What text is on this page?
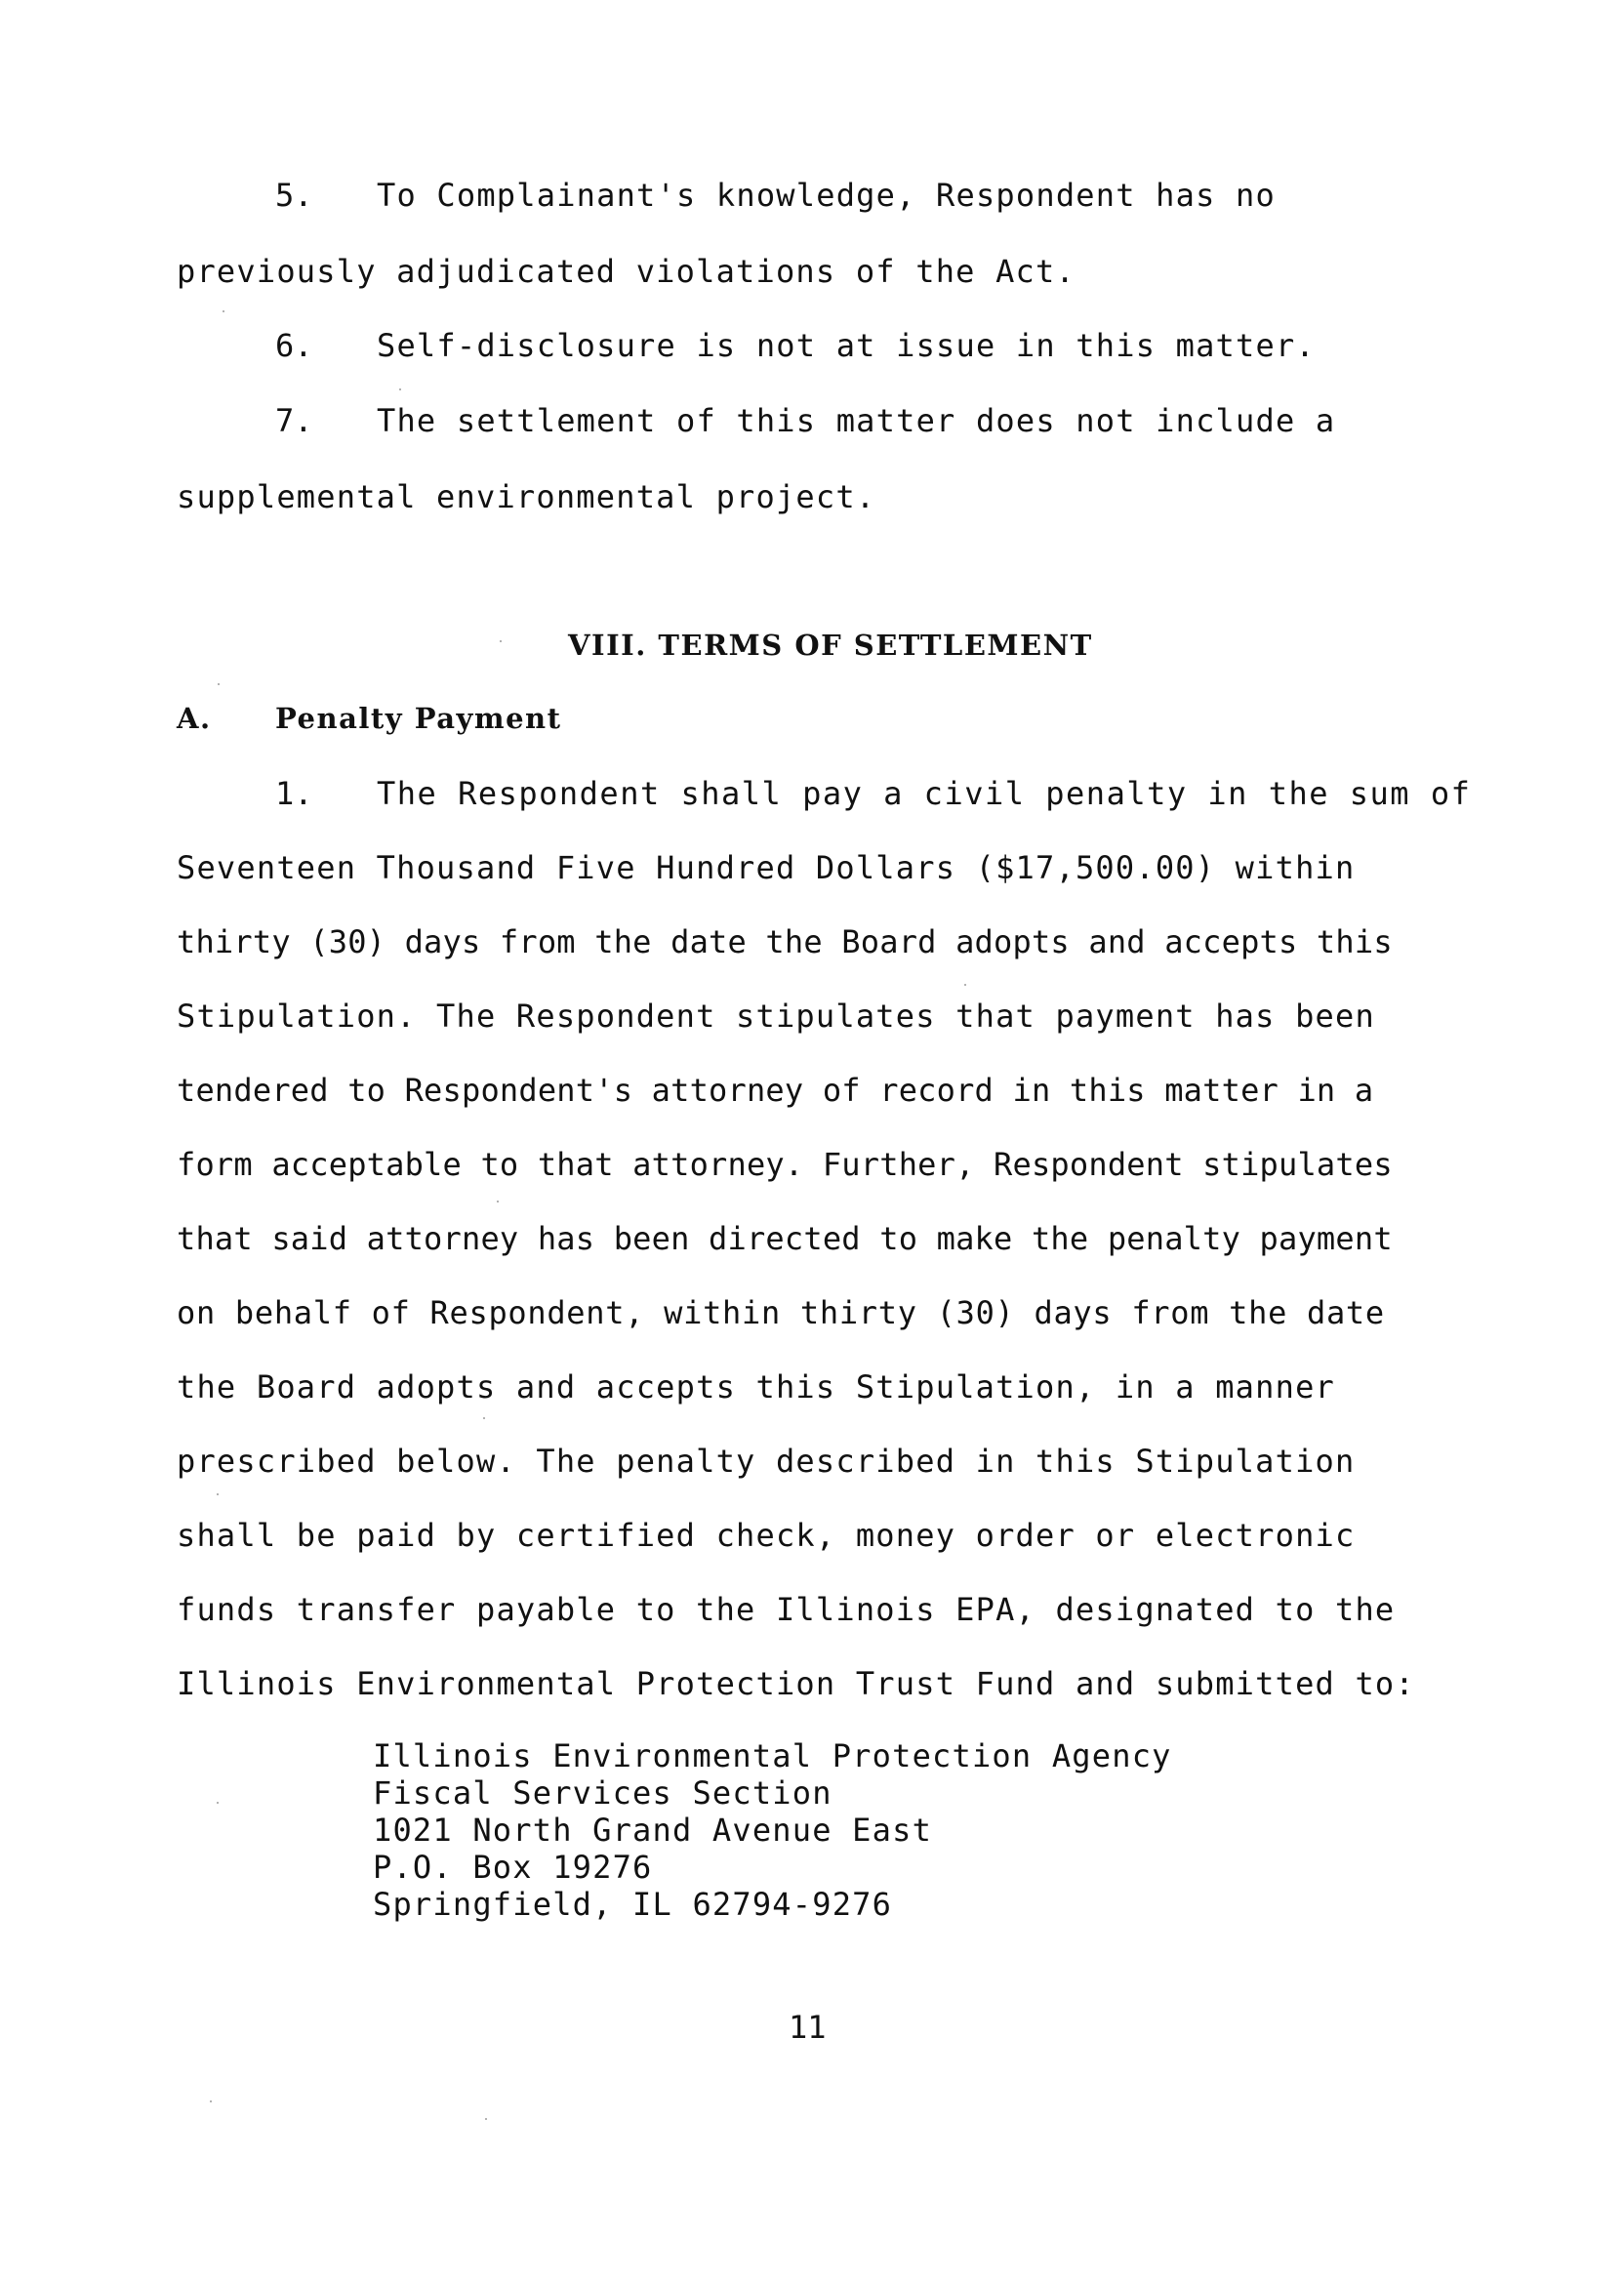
5. To Complainant's knowledge, Respondent has no
previously adjudicated violations of the Act.
6. Self-disclosure is not at issue in this matter.
7. The settlement of this matter does not include a
supplemental environmental project.
VIII. TERMS OF SETTLEMENT
A. Penalty Payment
1. The Respondent shall pay a civil penalty in the sum of
Seventeen Thousand Five Hundred Dollars ($17,500.00) within
thirty (30) days from the date the Board adopts and accepts this
Stipulation. The Respondent stipulates that payment has been
tendered to Respondent's attorney of record in this matter in a
form acceptable to that attorney. Further, Respondent stipulates
that said attorney has been directed to make the penalty payment
on behalf of Respondent, within thirty (30) days from the date
the Board adopts and accepts this Stipulation, in a manner
prescribed below. The penalty described in this Stipulation
shall be paid by certified check, money order or electronic
funds transfer payable to the Illinois EPA, designated to the
Illinois Environmental Protection Trust Fund and submitted to:
Illinois Environmental Protection Agency
Fiscal Services Section
1021 North Grand Avenue East
P.O. Box 19276
Springfield, IL 62794-9276
11
